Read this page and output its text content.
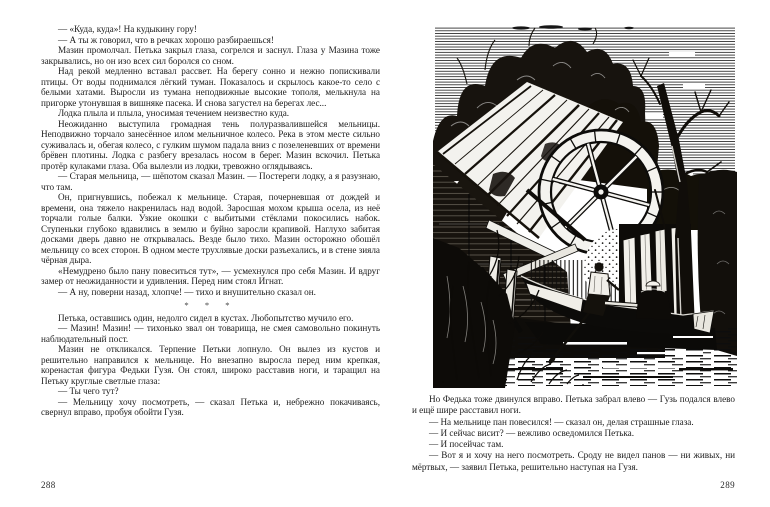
— «Куда, куда»! На кудыкину гору!

— А ты ж говорил, что в речках хорошо разбираешься!

Мазин промолчал. Петька закрыл глаза, согрелся и заснул. Глаза у Мазина тоже закрывались, но он изо всех сил боролся со сном.

Над рекой медленно вставал рассвет. На берегу сонно и нежно попискивали птицы. От воды поднимался лёгкий туман. Показалось и скрылось какое-то село с белыми хатами. Выросли из тумана неподвижные высокие тополя, мелькнула на пригорке утонувшая в вишняке пасека. И снова загустел на берегах лес...

Лодка плыла и плыла, уносимая течением неизвестно куда.

Неожиданно выступила громадная тень полуразвалившейся мельницы. Неподвижно торчало занесённое илом мельничное колесо. Река в этом месте сильно суживалась и, обегая колесо, с гулким шумом падала вниз с позеленевших от времени брёвен плотины. Лодка с разбегу врезалась носом в берег. Мазин вскочил. Петька протёр кулаками глаза. Оба вылезли из лодки, тревожно оглядываясь.

— Старая мельница, — шёпотом сказал Мазин. — Постереги лодку, а я разузнаю, что там.

Он, пригнувшись, побежал к мельнице. Старая, почерневшая от дождей и времени, она тяжело накренилась над водой. Заросшая мохом крыша осела, из неё торчали голые балки. Узкие окошки с выбитыми стёклами покосились набок. Ступеньки глубоко вдавились в землю и буйно заросли крапивой. Наглухо забитая досками дверь давно не открывалась. Везде было тихо. Мазин осторожно обошёл мельницу со всех сторон. В одном месте трухлявые доски разъехались, и в стене зияла чёрная дыра.

«Немудрено было пану повеситься тут», — усмехнулся про себя Мазин. И вдруг замер от неожиданности и удивления. Перед ним стоял Игнат.

— А ну, поверни назад, хлопче! — тихо и внушительно сказал он.

* * *

Петька, оставшись один, недолго сидел в кустах. Любопытство мучило его.

— Мазин! Мазин! — тихонько звал он товарища, не смея самовольно покинуть наблюдательный пост.

Мазин не откликался. Терпение Петьки лопнуло. Он вылез из кустов и решительно направился к мельнице. Но внезапно выросла перед ним крепкая, коренастая фигура Федьки Гузя. Он стоял, широко расставив ноги, и таращил на Петьку круглые светлые глаза:

— Ты чего тут?

— Мельницу хочу посмотреть, — сказал Петька и, небрежно покачиваясь, свернул вправо, пробуя обойти Гузя.

288

Но Федька тоже двинулся вправо. Петька забрал влево — Гузь подался влево и ещё шире расставил ноги.

— На мельнице пан повесился! — сказал он, делая страшные глаза.

— И сейчас висит? — вежливо осведомился Петька.

— И посейчас там.

— Вот я и хочу на него посмотреть. Сроду не видел панов — ни живых, ни мёртвых, — заявил Петька, решительно наступая на Гузя.

289
